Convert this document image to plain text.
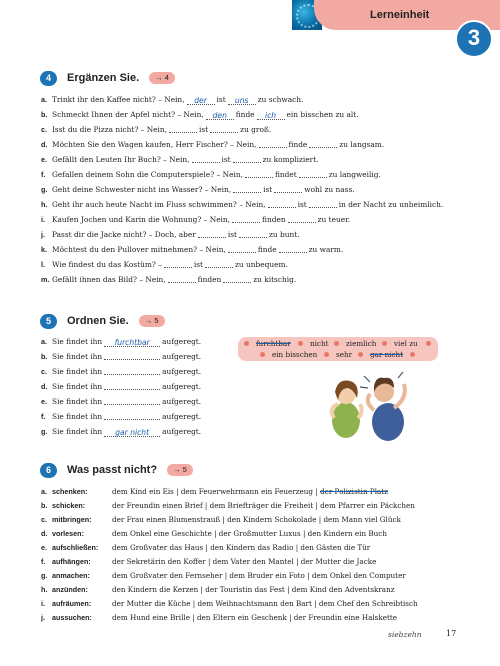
Lerneinheit
3
4	Ergänzen Sie.	→ 4
a. Trinkt ihr den Kaffee nicht? – Nein, der ist uns zu schwach.
b. Schmeckt Ihnen der Apfel nicht? – Nein, den finde ich ein bisschen zu alt.
c. Isst du die Pizza nicht? – Nein,	ist	zu groß.
d. Möchten Sie den Wagen kaufen, Herr Fischer? – Nein,	finde	zu langsam.
e. Gefällt den Leuten Ihr Buch? – Nein,	ist	zu kompliziert.
f. Gefallen deinem Sohn die Computerspiele? – Nein,	findet	zu langweilig.
g. Geht deine Schwester nicht ins Wasser? – Nein,	ist	wohl zu nass.
h. Geht ihr auch heute Nacht im Fluss schwimmen? – Nein,	ist	in der Nacht zu unheimlich.
i. Kaufen Jochen und Karin die Wohnung? – Nein,	finden	zu teuer.
j. Passt dir die Jacke nicht? – Doch, aber	ist	zu bunt.
k. Möchtest du den Pullover mitnehmen? – Nein,	finde	zu warm.
l. Wie findest du das Kostüm? –	ist	zu unbequem.
m. Gefällt ihnen das Bild? – Nein,	finden	zu kitschig.
5	Ordnen Sie.	→ 5
a. Sie findet ihn furchtbar aufgeregt.
b. Sie findet ihn	aufgeregt.
c. Sie findet ihn	aufgeregt.
d. Sie findet ihn	aufgeregt.
e. Sie findet ihn	aufgeregt.
f. Sie findet ihn	aufgeregt.
g. Sie findet ihn gar nicht aufgeregt.
furchtbar	nicht ziemlich viel zu
ein bisschen	sehr gar nicht
6	Was passt nicht?	→ 5
a. schenken:	dem Kind ein Eis | dem Feuerwehrmann ein Feuerzeug | der Polizistin Platz
b. schicken:	der Freundin einen Brief | dem Briefträger die Freiheit | dem Pfarrer ein Päckchen
c. mitbringen:	der Frau einen Blumenstrauß | den Kindern Schokolade | dem Mann viel Glück
d. vorlesen:	dem Onkel eine Geschichte | der Großmutter Luxus | den Kindern ein Buch
e. aufschließen: dem Großvater das Haus | den Kindern das Radio | den Gästen die Tür
f. aufhängen:	der Sekretärin den Koffer | dem Vater den Mantel | der Mutter die Jacke
g. anmachen:	dem Großvater den Fernseher | dem Bruder ein Foto | dem Onkel den Computer
h. anzünden:	den Kindern die Kerzen | der Touristin das Fest | dem Kind den Adventskranz
i. aufräumen:	der Mutter die Küche | dem Weihnachtsmann den Bart | dem Chef den Schreibtisch
j. aussuchen:	dem Hund eine Brille | den Eltern ein Geschenk | der Freundin eine Halskette
siebzehn	17
